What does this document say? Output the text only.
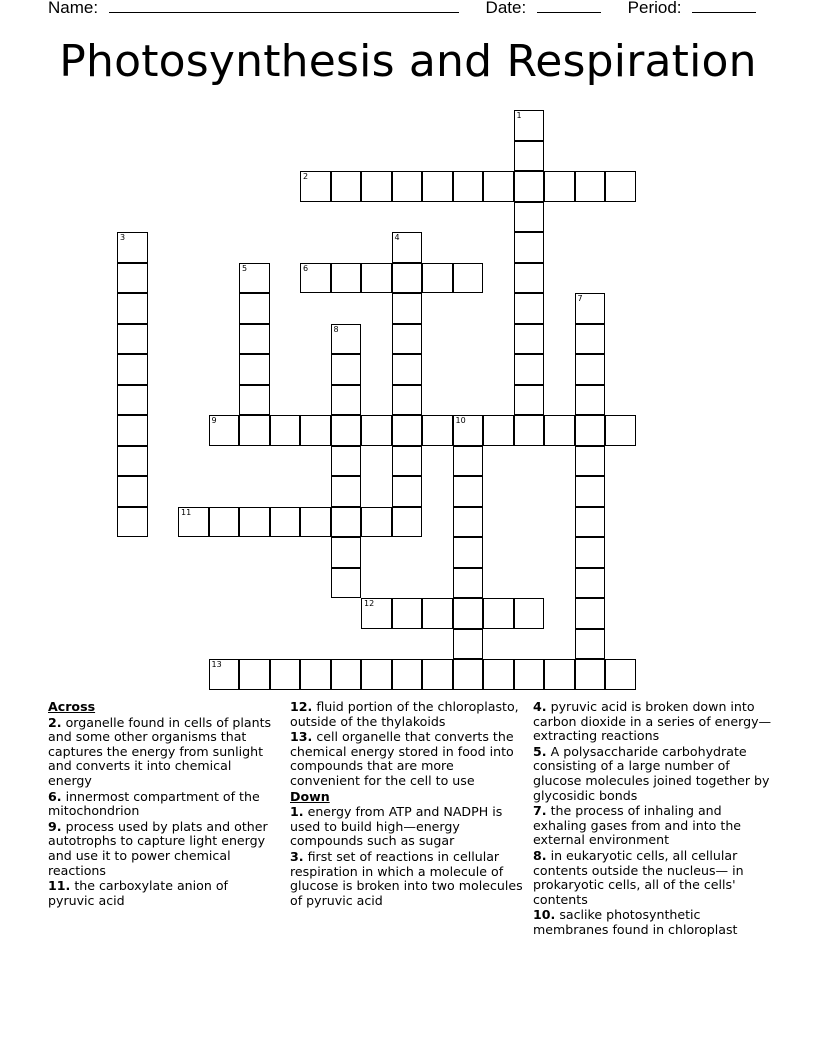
Name:	Date:	Period:
Photosynthesis and Respiration
1
2
3	4
5	6
7
8
9	10
11
12
13
Across
2. organelle found in cells of plants and some other organisms that captures the energy from sunlight and converts it into chemical energy
6. innermost compartment of the mitochondrion
9. process used by plats and other autotrophs to capture light energy and use it to power chemical reactions
11. the carboxylate anion of pyruvic acid
12. fluid portion of the chloroplasto, outside of the thylakoids
13. cell organelle that converts the chemical energy stored in food into compounds that are more convenient for the cell to use
Down
1. energy from ATP and NADPH is used to build high—energy compounds such as sugar
3. first set of reactions in cellular respiration in which a molecule of glucose is broken into two molecules of pyruvic acid
4. pyruvic acid is broken down into carbon dioxide in a series of energy—extracting reactions
5. A polysaccharide carbohydrate consisting of a large number of glucose molecules joined together by glycosidic bonds
7. the process of inhaling and exhaling gases from and into the external environment
8. in eukaryotic cells, all cellular contents outside the nucleus— in prokaryotic cells, all of the cells' contents
10. saclike photosynthetic membranes found in chloroplast
